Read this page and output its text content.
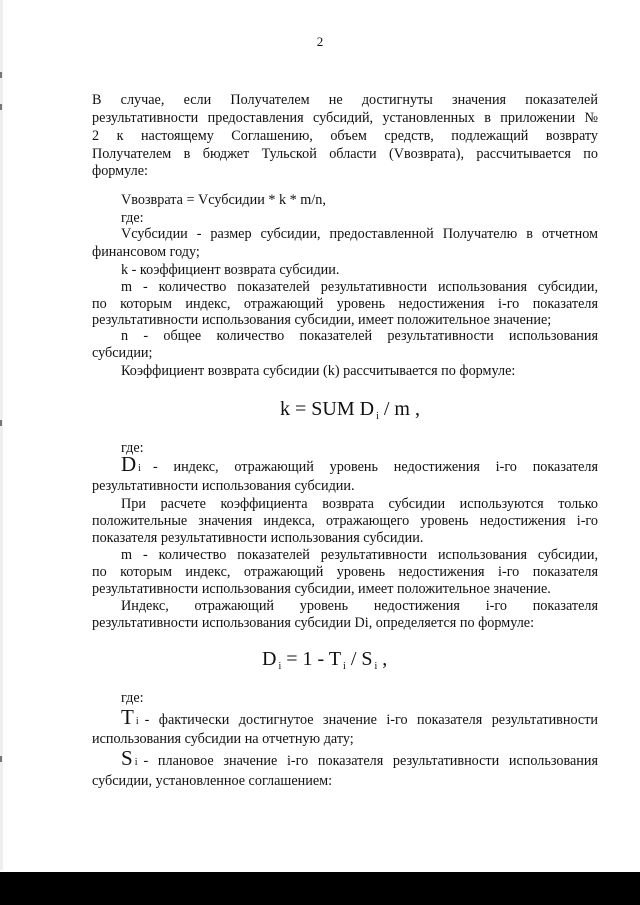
2
В случае, если Получателем не достигнуты значения показателей
результативности предоставления субсидий, установленных в приложении №
2 к настоящему Соглашению, объем средств, подлежащий возврату
Получателем в бюджет Тульской области (Vвозврата), рассчитывается по
формуле:
Vвозврата = Vсубсидии * k * m/n,
где:
Vсубсидии - размер субсидии, предоставленной Получателю в отчетном
финансовом году;
k - коэффициент возврата субсидии.
m - количество показателей результативности использования субсидии,
по которым индекс, отражающий уровень недостижения i-го показателя
результативности использования субсидии, имеет положительное значение;
n - общее количество показателей результативности использования
субсидии;
Коэффициент возврата субсидии (k) рассчитывается по формуле:
k = SUM D $_i$ / m ,
где:
D i - индекс, отражающий уровень недостижения i-го показателя
результативности использования субсидии.
При расчете коэффициента возврата субсидии используются только
положительные значения индекса, отражающего уровень недостижения i-го
показателя результативности использования субсидии.
m - количество показателей результативности использования субсидии,
по которым индекс, отражающий уровень недостижения i-го показателя
результативности использования субсидии, имеет положительное значение.
Индекс, отражающий уровень недостижения i-го показателя
результативности использования субсидии Di, определяется по формуле:
D $_i$ = 1 - T $_i$ / S $_i$ ,
где:
T i - фактически достигнутое значение i-го показателя результативности
использования субсидии на отчетную дату;
S i - плановое значение i-го показателя результативности использования
субсидии, установленное соглашением:
